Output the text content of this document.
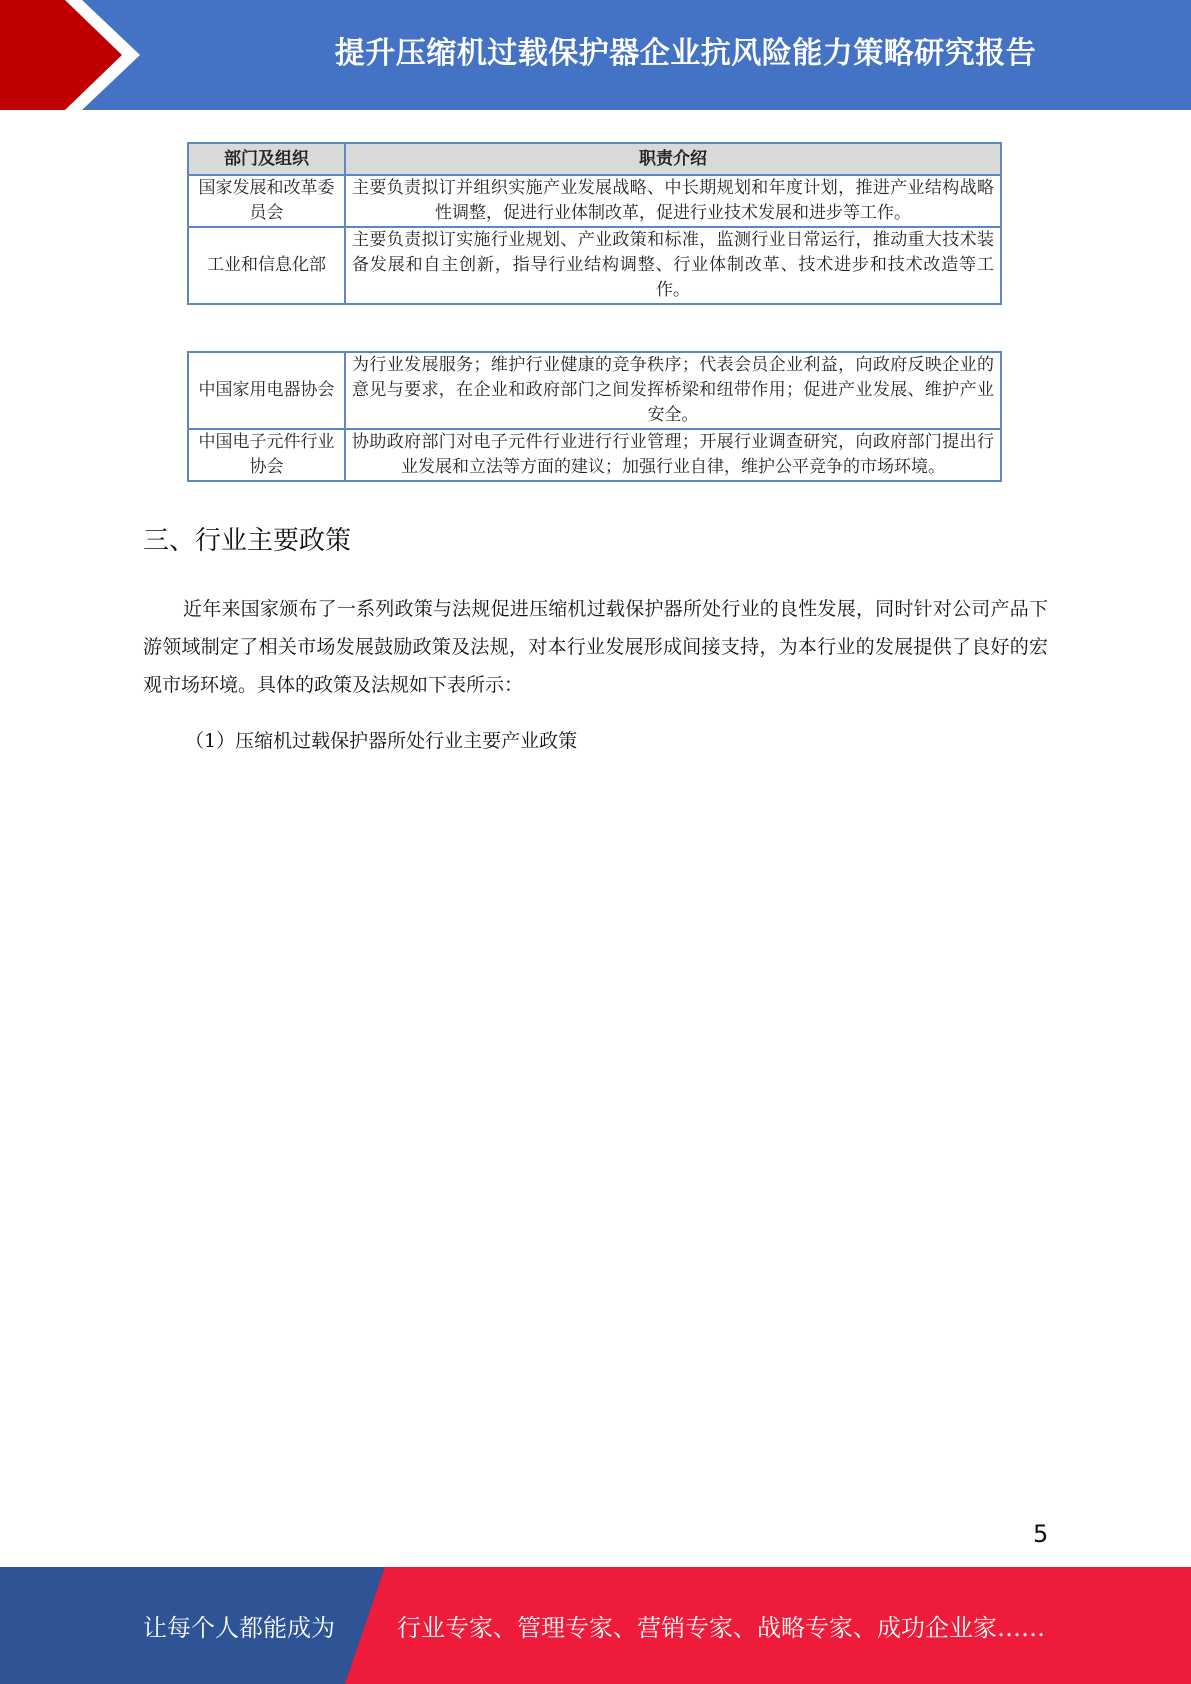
提升压缩机过载保护器企业抗风险能力策略研究报告
部门及组织	职责介绍
国家发展和改革委员会	主要负责拟订并组织实施产业发展战略、中长期规划和年度计划，推进产业结构战略性调整，促进行业体制改革，促进行业技术发展和进步等工作。
工业和信息化部	主要负责拟订实施行业规划、产业政策和标准，监测行业日常运行，推动重大技术装备发展和自主创新，指导行业结构调整、行业体制改革、技术进步和技术改造等工作。
中国家用电器协会	为行业发展服务；维护行业健康的竞争秩序；代表会员企业利益，向政府反映企业的意见与要求，在企业和政府部门之间发挥桥梁和纽带作用；促进产业发展、维护产业安全。
中国电子元件行业协会	协助政府部门对电子元件行业进行行业管理；开展行业调查研究，向政府部门提出行业发展和立法等方面的建议；加强行业自律，维护公平竞争的市场环境。
三、行业主要政策

近年来国家颁布了一系列政策与法规促进压缩机过载保护器所处行业的良性发展，同时针对公司产品下游领域制定了相关市场发展鼓励政策及法规，对本行业发展形成间接支持，为本行业的发展提供了良好的宏观市场环境。具体的政策及法规如下表所示：

（1）压缩机过载保护器所处行业主要产业政策
5
让每个人都能成为	行业专家、管理专家、营销专家、战略专家、成功企业家……
